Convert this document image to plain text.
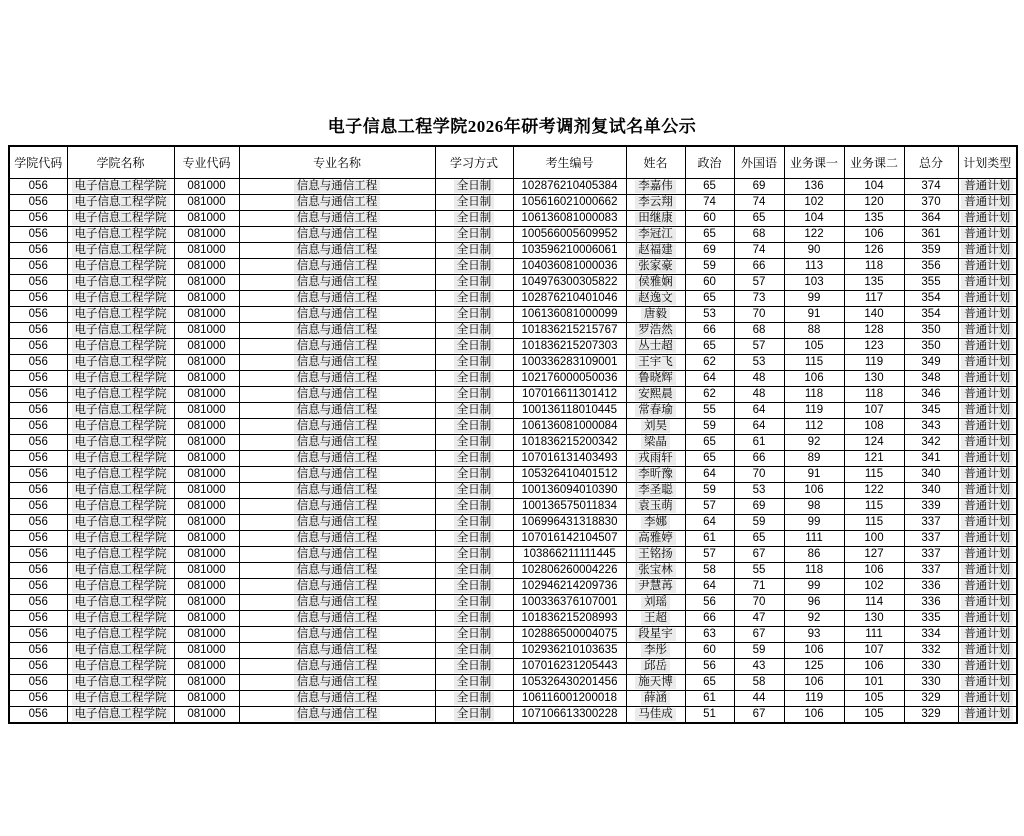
电子信息工程学院2026年研考调剂复试名单公示
学院代码	学院名称	专业代码	专业名称	学习方式	考生编号	姓名	政治	外国语	业务课一	业务课二	总分	计划类型
056	电子信息工程学院	081000	信息与通信工程	全日制	102876210405384	李嘉伟	65	69	136	104	374	普通计划
056	电子信息工程学院	081000	信息与通信工程	全日制	105616021000662	李云翔	74	74	102	120	370	普通计划
056	电子信息工程学院	081000	信息与通信工程	全日制	106136081000083	田继康	60	65	104	135	364	普通计划
056	电子信息工程学院	081000	信息与通信工程	全日制	100566005609952	李冠江	65	68	122	106	361	普通计划
056	电子信息工程学院	081000	信息与通信工程	全日制	103596210006061	赵福建	69	74	90	126	359	普通计划
056	电子信息工程学院	081000	信息与通信工程	全日制	104036081000036	张家豪	59	66	113	118	356	普通计划
056	电子信息工程学院	081000	信息与通信工程	全日制	104976300305822	侯雅娴	60	57	103	135	355	普通计划
056	电子信息工程学院	081000	信息与通信工程	全日制	102876210401046	赵逸文	65	73	99	117	354	普通计划
056	电子信息工程学院	081000	信息与通信工程	全日制	106136081000099	唐毅	53	70	91	140	354	普通计划
056	电子信息工程学院	081000	信息与通信工程	全日制	101836215215767	罗浩然	66	68	88	128	350	普通计划
056	电子信息工程学院	081000	信息与通信工程	全日制	101836215207303	丛士超	65	57	105	123	350	普通计划
056	电子信息工程学院	081000	信息与通信工程	全日制	100336283109001	王宇飞	62	53	115	119	349	普通计划
056	电子信息工程学院	081000	信息与通信工程	全日制	102176000050036	鲁晓辉	64	48	106	130	348	普通计划
056	电子信息工程学院	081000	信息与通信工程	全日制	107016611301412	安熙晨	62	48	118	118	346	普通计划
056	电子信息工程学院	081000	信息与通信工程	全日制	100136118010445	常春瑜	55	64	119	107	345	普通计划
056	电子信息工程学院	081000	信息与通信工程	全日制	106136081000084	刘昊	59	64	112	108	343	普通计划
056	电子信息工程学院	081000	信息与通信工程	全日制	101836215200342	梁晶	65	61	92	124	342	普通计划
056	电子信息工程学院	081000	信息与通信工程	全日制	107016131403493	戎雨轩	65	66	89	121	341	普通计划
056	电子信息工程学院	081000	信息与通信工程	全日制	105326410401512	李昕豫	64	70	91	115	340	普通计划
056	电子信息工程学院	081000	信息与通信工程	全日制	100136094010390	李圣聪	59	53	106	122	340	普通计划
056	电子信息工程学院	081000	信息与通信工程	全日制	100136575011834	袁玉萌	57	69	98	115	339	普通计划
056	电子信息工程学院	081000	信息与通信工程	全日制	106996431318830	李娜	64	59	99	115	337	普通计划
056	电子信息工程学院	081000	信息与通信工程	全日制	107016142104507	高雅婷	61	65	111	100	337	普通计划
056	电子信息工程学院	081000	信息与通信工程	全日制	103866211111445	王铭扬	57	67	86	127	337	普通计划
056	电子信息工程学院	081000	信息与通信工程	全日制	102806260004226	张宝林	58	55	118	106	337	普通计划
056	电子信息工程学院	081000	信息与通信工程	全日制	102946214209736	尹慧苒	64	71	99	102	336	普通计划
056	电子信息工程学院	081000	信息与通信工程	全日制	100336376107001	刘瑶	56	70	96	114	336	普通计划
056	电子信息工程学院	081000	信息与通信工程	全日制	101836215208993	王超	66	47	92	130	335	普通计划
056	电子信息工程学院	081000	信息与通信工程	全日制	102886500004075	段星宇	63	67	93	111	334	普通计划
056	电子信息工程学院	081000	信息与通信工程	全日制	102936210103635	李彤	60	59	106	107	332	普通计划
056	电子信息工程学院	081000	信息与通信工程	全日制	107016231205443	邱岳	56	43	125	106	330	普通计划
056	电子信息工程学院	081000	信息与通信工程	全日制	105326430201456	施天博	65	58	106	101	330	普通计划
056	电子信息工程学院	081000	信息与通信工程	全日制	106116001200018	薛涵	61	44	119	105	329	普通计划
056	电子信息工程学院	081000	信息与通信工程	全日制	107106613300228	马佳成	51	67	106	105	329	普通计划
